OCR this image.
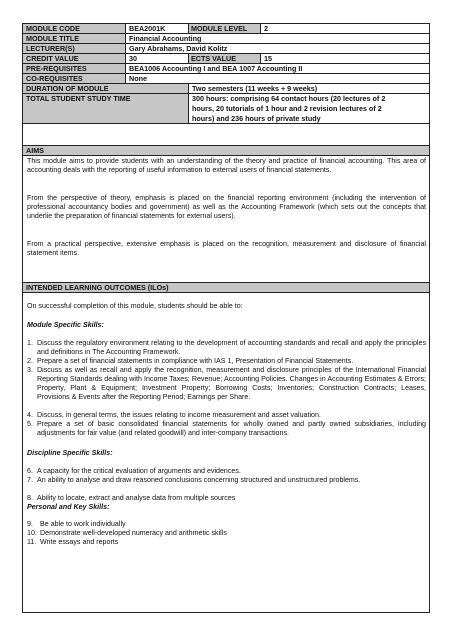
MODULE CODE	BEA2001K	MODULE LEVEL 2
MODULE TITLE	Financial Accounting
LECTURER(S)	Gary Abrahams, David Kolitz
CREDIT VALUE	30	ECTS VALUE	15
PRE-REQUISITES	BEA1006 Accounting I and BEA 1007 Accounting II
CO-REQUISITES	None
DURATION OF MODULE	Two semesters (11 weeks + 9 weeks)
TOTAL STUDENT STUDY TIME	300 hours: comprising 64 contact hours (20 lectures of 2
hours, 20 tutorials of 1 hour and 2 revision lectures of 2
hours) and 236 hours of private study
AIMS
This module aims to provide students with an understanding of the theory and practice of financial accounting. This area of accounting deals with the reporting of useful information to external users of financial statements.
From the perspective of theory, emphasis is placed on the financial reporting environment (including the intervention of professional accountancy bodies and government) as well as the Accounting Framework (which sets out the concepts that underlie the preparation of financial statements for external users).
From a practical perspective, extensive emphasis is placed on the recognition, measurement and disclosure of financial statement items.
INTENDED LEARNING OUTCOMES (ILOs)
On successful completion of this module, students should be able to:
Module Specific Skills:
1. Discuss the regulatory environment relating to the development of accounting standards and recall and apply the principles and definitions in The Accounting Framework.
2. Prepare a set of financial statements in compliance with IAS 1, Presentation of Financial Statements.
3. Discuss as well as recall and apply the recognition, measurement and disclosure principles of the International Financial Reporting Standards dealing with Income Taxes; Revenue; Accounting Policies. Changes in Accounting Estimates & Errors; Property, Plant & Equipment; Investment Property; Borrowing Costs; Inventories; Construction Contracts; Leases, Provisions & Events after the Reporting Period; Earnings per Share.
4. Discuss, in general terms, the issues relating to income measurement and asset valuation.
5. Prepare a set of basic consolidated financial statements for wholly owned and partly owned subsidiaries, including adjustments for fair value (and related goodwill) and inter-company transactions.
Discipline Specific Skills:
6. A capacity for the critical evaluation of arguments and evidences.
7. An ability to analyse and draw reasoned conclusions concerning structured and unstructured problems.
8. Ability to locate, extract and analyse data from multiple sources
Personal and Key Skills:
9. Be able to work individually
10. Demonstrate well-developed numeracy and arithmetic skills
11. Write essays and reports
